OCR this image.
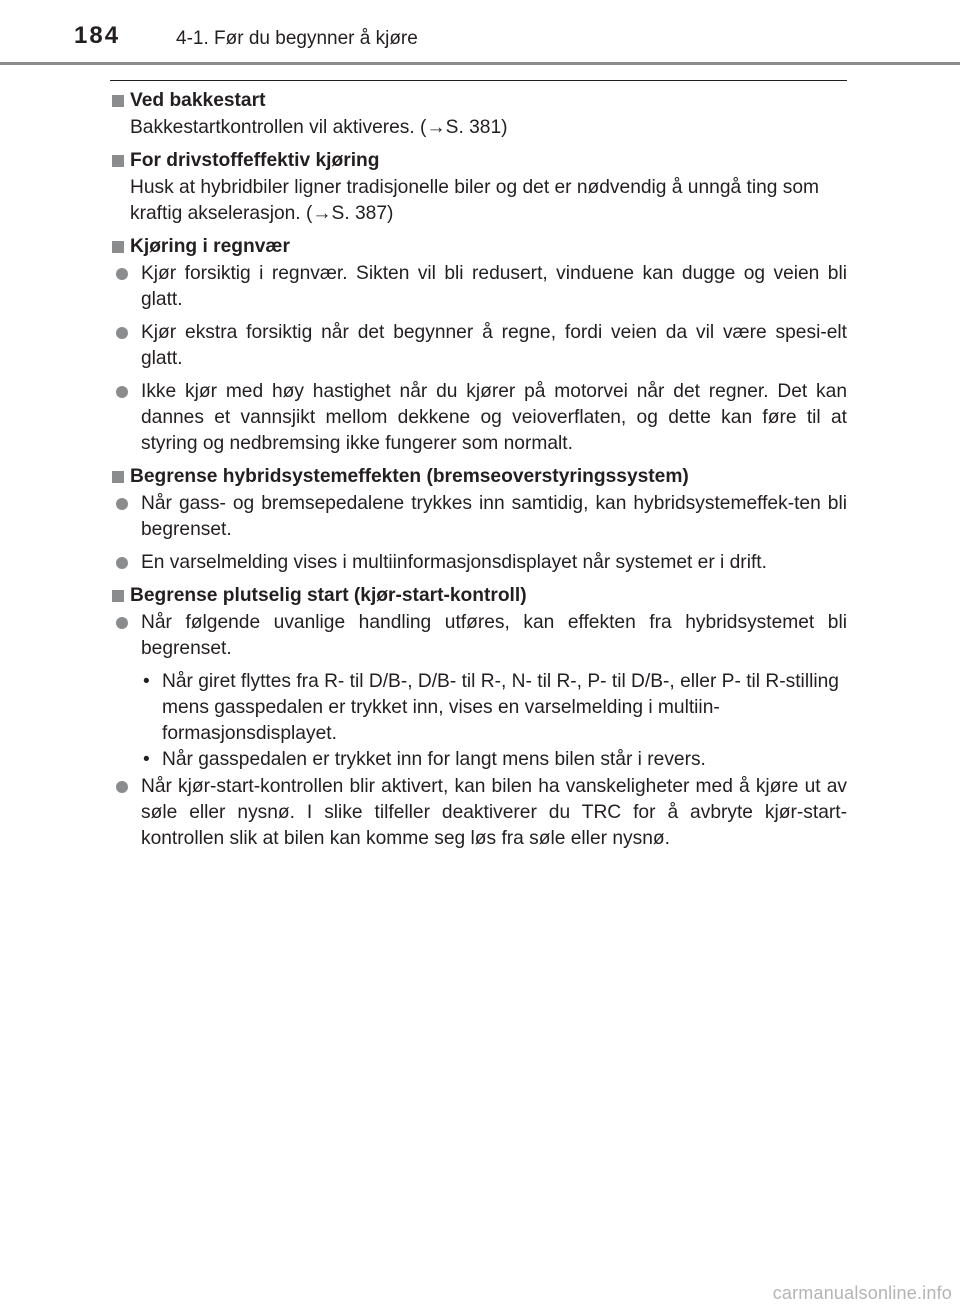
184	4-1. Før du begynner å kjøre
Ved bakkestart
Bakkestartkontrollen vil aktiveres. (→S. 381)
For drivstoffeffektiv kjøring
Husk at hybridbiler ligner tradisjonelle biler og det er nødvendig å unngå ting som kraftig akselerasjon. (→S. 387)
Kjøring i regnvær
Kjør forsiktig i regnvær. Sikten vil bli redusert, vinduene kan dugge og veien bli glatt.
Kjør ekstra forsiktig når det begynner å regne, fordi veien da vil være spesi-elt glatt.
Ikke kjør med høy hastighet når du kjører på motorvei når det regner. Det kan dannes et vannsjikt mellom dekkene og veioverflaten, og dette kan føre til at styring og nedbremsing ikke fungerer som normalt.
Begrense hybridsystemeffekten (bremseoverstyringssystem)
Når gass- og bremsepedalene trykkes inn samtidig, kan hybridsystemeffek-ten bli begrenset.
En varselmelding vises i multiinformasjonsdisplayet når systemet er i drift.
Begrense plutselig start (kjør-start-kontroll)
Når følgende uvanlige handling utføres, kan effekten fra hybridsystemet bli begrenset.
• Når giret flyttes fra R- til D/B-, D/B- til R-, N- til R-, P- til D/B-, eller P- til R-stilling mens gasspedalen er trykket inn, vises en varselmelding i multiin-formasjonsdisplayet.
• Når gasspedalen er trykket inn for langt mens bilen står i revers.
Når kjør-start-kontrollen blir aktivert, kan bilen ha vanskeligheter med å kjøre ut av søle eller nysnø. I slike tilfeller deaktiverer du TRC for å avbryte kjør-start-kontrollen slik at bilen kan komme seg løs fra søle eller nysnø.
carmanualsonline.info
